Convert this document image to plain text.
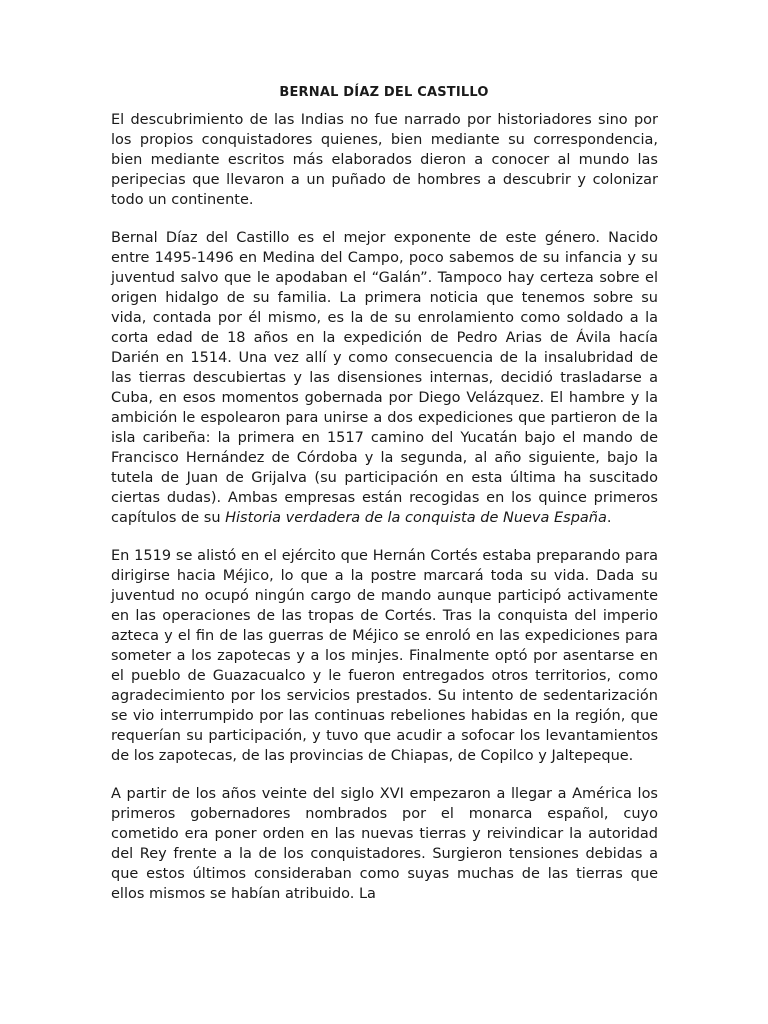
BERNAL DÍAZ DEL CASTILLO

El descubrimiento de las Indias no fue narrado por historiadores sino por los propios conquistadores quienes, bien mediante su correspondencia, bien mediante escritos más elaborados dieron a conocer al mundo las peripecias que llevaron a un puñado de hombres a descubrir y colonizar todo un continente.

Bernal Díaz del Castillo es el mejor exponente de este género. Nacido entre 1495-1496 en Medina del Campo, poco sabemos de su infancia y su juventud salvo que le apodaban el “Galán”. Tampoco hay certeza sobre el origen hidalgo de su familia. La primera noticia que tenemos sobre su vida, contada por él mismo, es la de su enrolamiento como soldado a la corta edad de 18 años en la expedición de Pedro Arias de Ávila hacía Darién en 1514. Una vez allí y como consecuencia de la insalubridad de las tierras descubiertas y las disensiones internas, decidió trasladarse a Cuba, en esos momentos gobernada por Diego Velázquez. El hambre y la ambición le espolearon para unirse a dos expediciones que partieron de la isla caribeña: la primera en 1517 camino del Yucatán bajo el mando de Francisco Hernández de Córdoba y la segunda, al año siguiente, bajo la tutela de Juan de Grijalva (su participación en esta última ha suscitado ciertas dudas). Ambas empresas están recogidas en los quince primeros capítulos de su Historia verdadera de la conquista de Nueva España.

En 1519 se alistó en el ejército que Hernán Cortés estaba preparando para dirigirse hacia Méjico, lo que a la postre marcará toda su vida. Dada su juventud no ocupó ningún cargo de mando aunque participó activamente en las operaciones de las tropas de Cortés. Tras la conquista del imperio azteca y el fin de las guerras de Méjico se enroló en las expediciones para someter a los zapotecas y a los minjes. Finalmente optó por asentarse en el pueblo de Guazacualco y le fueron entregados otros territorios, como agradecimiento por los servicios prestados. Su intento de sedentarización se vio interrumpido por las continuas rebeliones habidas en la región, que requerían su participación, y tuvo que acudir a sofocar los levantamientos de los zapotecas, de las provincias de Chiapas, de Copilco y Jaltepeque.

A partir de los años veinte del siglo XVI empezaron a llegar a América los primeros gobernadores nombrados por el monarca español, cuyo cometido era poner orden en las nuevas tierras y reivindicar la autoridad del Rey frente a la de los conquistadores. Surgieron tensiones debidas a que estos últimos consideraban como suyas muchas de las tierras que ellos mismos se habían atribuido. La
